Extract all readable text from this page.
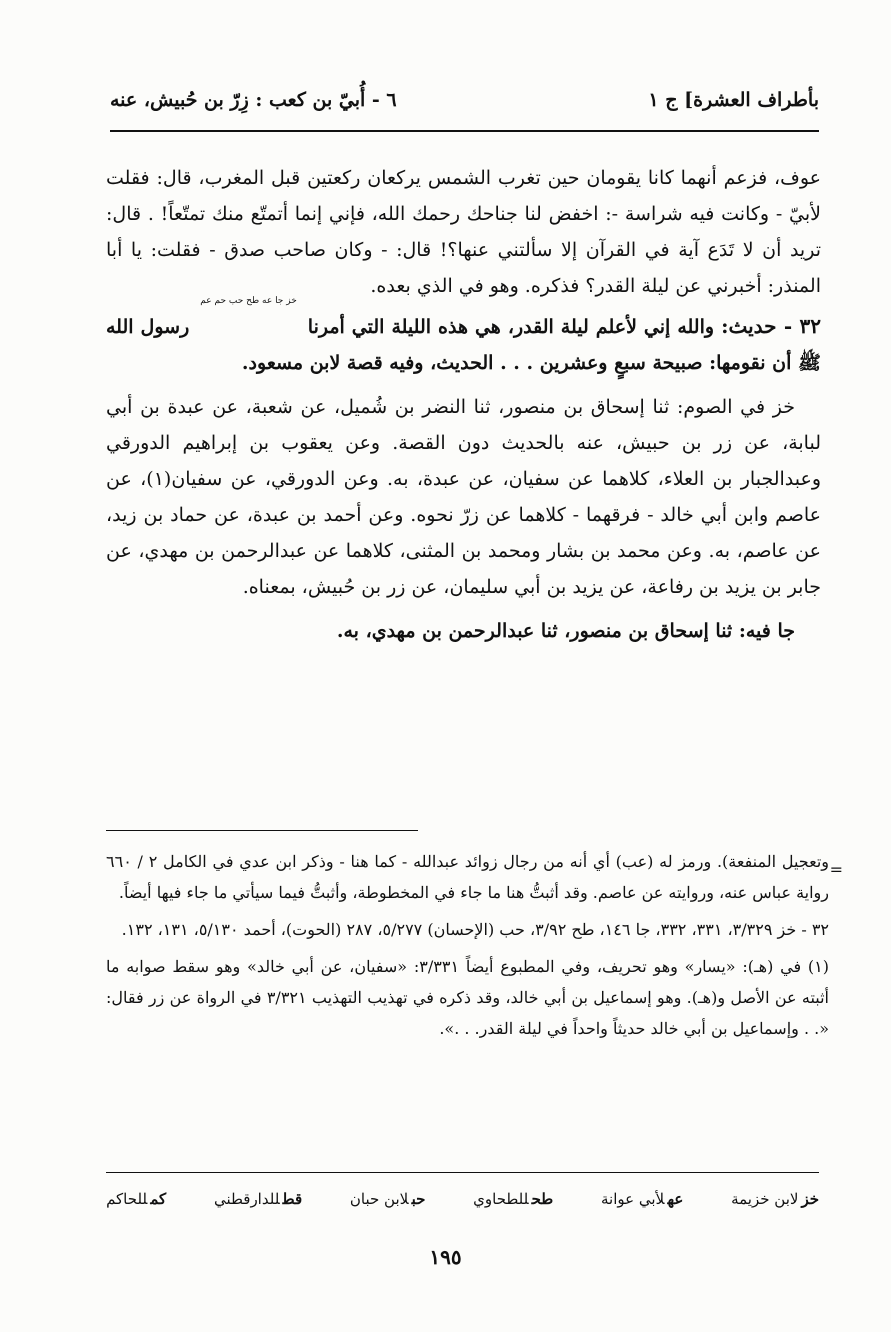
بأطراف العشرة] ج ١
٦ - أُبيّ بن كعب : زِرّ بن حُبيش، عنه

عوف، فزعم أنهما كانا يقومان حين تغرب الشمس يركعان ركعتين قبل المغرب، قال: فقلت لأبيّ - وكانت فيه شراسة -: اخفض لنا جناحك رحمك الله، فإني إنما أتمتّع منك تمتّعاً! . قال: تريد أن لا تَدَع آية في القرآن إلا سألتني عنها؟! قال: - وكان صاحب صدق - فقلت: يا أبا المنذر: أخبرني عن ليلة القدر؟ فذكره. وهو في الذي بعده.

٣٢ - حديث: والله إني لأعلم ليلة القدر، هي هذه الليلة التي أمرنا خز جا عه طح حب حم عم رسول الله ﷺ أن نقومها: صبيحة سبعٍ وعشرين . . . الحديث، وفيه قصة لابن مسعود.

خز في الصوم: ثنا إسحاق بن منصور، ثنا النضر بن شُميل، عن شعبة، عن عبدة بن أبي لبابة، عن زر بن حبيش، عنه بالحديث دون القصة. وعن يعقوب بن إبراهيم الدورقي وعبدالجبار بن العلاء، كلاهما عن سفيان، عن عبدة، به. وعن الدورقي، عن سفيان(١)، عن عاصم وابن أبي خالد - فرقهما - كلاهما عن زرّ نحوه. وعن أحمد بن عبدة، عن حماد بن زيد، عن عاصم، به. وعن محمد بن بشار ومحمد بن المثنى، كلاهما عن عبدالرحمن بن مهدي، عن جابر بن يزيد بن رفاعة، عن يزيد بن أبي سليمان، عن زر بن حُبيش، بمعناه.

جا فيه: ثنا إسحاق بن منصور، ثنا عبدالرحمن بن مهدي، به.

=
وتعجيل المنفعة). ورمز له (عب) أي أنه من رجال زوائد عبدالله - كما هنا - وذكر ابن عدي في الكامل ٢ / ٦٦٠ رواية عباس عنه، وروايته عن عاصم. وقد أثبتُّ هنا ما جاء في المخطوطة، وأثبتُّ فيما سيأتي ما جاء فيها أيضاً.

٣٢ - خز ٣/٣٢٩، ٣٣١، ٣٣٢، جا ١٤٦، طح ٣/٩٢، حب (الإحسان) ٥/٢٧٧، ٢٨٧ (الحوت)، أحمد ٥/١٣٠، ١٣١، ١٣٢.

(١) في (هـ): «يسار» وهو تحريف، وفي المطبوع أيضاً ٣/٣٣١: «سفيان، عن أبي خالد» وهو سقط صوابه ما أثبته عن الأصل و(هـ). وهو إسماعيل بن أبي خالد، وقد ذكره في تهذيب التهذيب ٣/٣٢١ في الرواة عن زر فقال: «. . وإسماعيل بن أبي خالد حديثاً واحداً في ليلة القدر. . .».

خزلابن خزيمة
عهلأبي عوانة
طحللطحاوي
حبلابن حبان
قطللدارقطني
كمللحاكم
١٩٥
